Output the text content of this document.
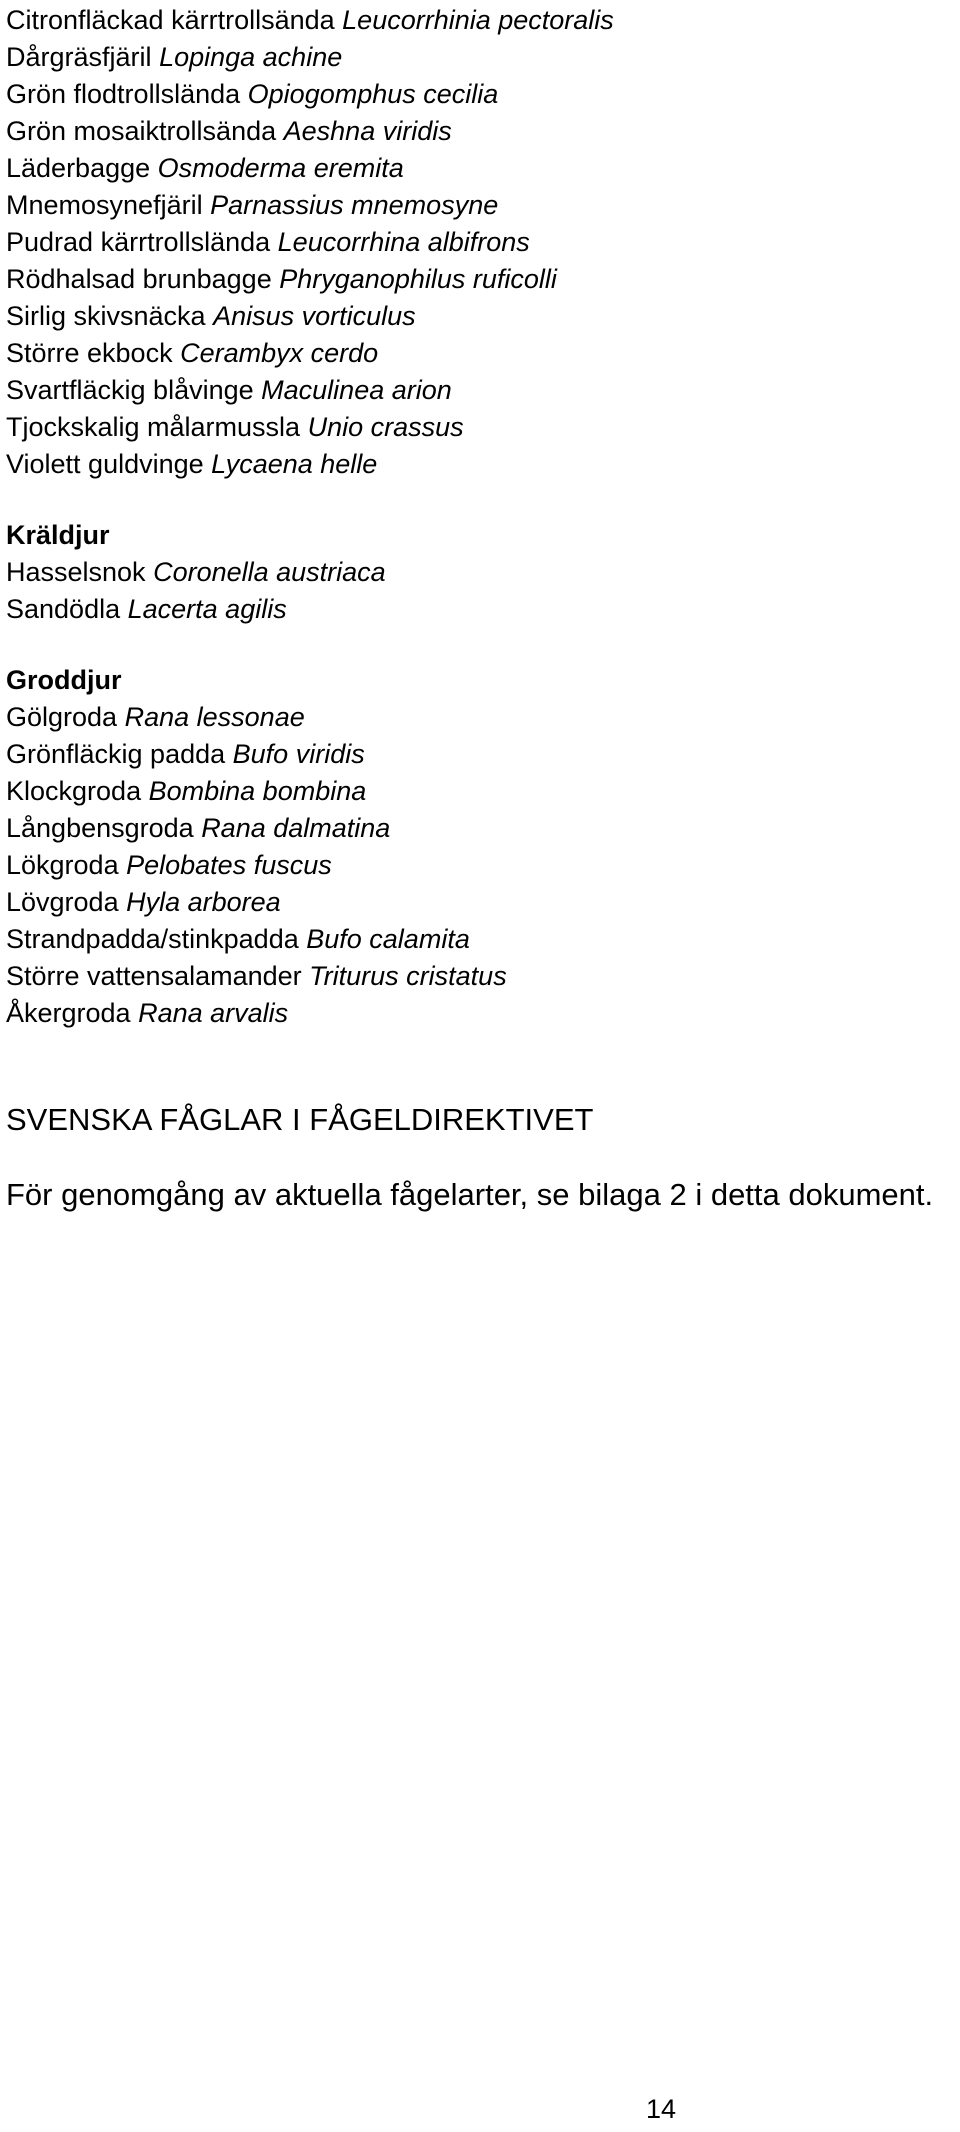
Citronfläckad kärrtrollsända Leucorrhinia pectoralis

Dårgräsfjäril Lopinga achine

Grön flodtrollslända Opiogomphus cecilia

Grön mosaiktrollsända Aeshna viridis

Läderbagge Osmoderma eremita

Mnemosynefjäril Parnassius mnemosyne

Pudrad kärrtrollslända Leucorrhina albifrons

Rödhalsad brunbagge Phryganophilus ruficolli

Sirlig skivsnäcka Anisus vorticulus

Större ekbock Cerambyx cerdo

Svartfläckig blåvinge Maculinea arion

Tjockskalig målarmussla Unio crassus

Violett guldvinge Lycaena helle

Kräldjur

Hasselsnok Coronella austriaca

Sandödla Lacerta agilis

Groddjur

Gölgroda Rana lessonae

Grönfläckig padda Bufo viridis

Klockgroda Bombina bombina

Långbensgroda Rana dalmatina

Lökgroda Pelobates fuscus

Lövgroda Hyla arborea

Strandpadda/stinkpadda Bufo calamita

Större vattensalamander Triturus cristatus

Åkergroda Rana arvalis

SVENSKA FÅGLAR I FÅGELDIREKTIVET

För genomgång av aktuella fågelarter, se bilaga 2 i detta dokument.

14
